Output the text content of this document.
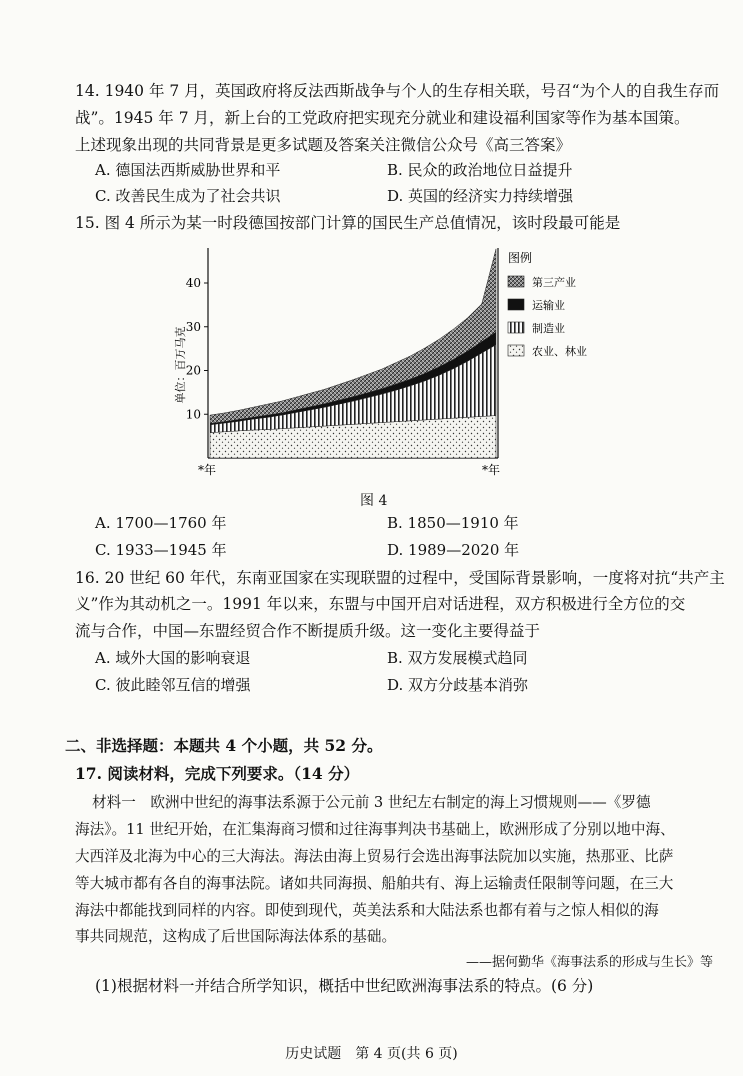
14. 1940 年 7 月，英国政府将反法西斯战争与个人的生存相关联，号召“为个人的自我生存而
战”。1945 年 7 月，新上台的工党政府把实现充分就业和建设福利国家等作为基本国策。
上述现象出现的共同背景是更多试题及答案关注微信公众号《高三答案》
A. 德国法西斯威胁世界和平	B. 民众的政治地位日益提升
C. 改善民生成为了社会共识	D. 英国的经济实力持续增强
15. 图 4 所示为某一时段德国按部门计算的国民生产总值情况，该时段最可能是
10
20
30
40
单位：百万马克
*年	*年
图例
第三产业
运输业
制造业
农业、林业
图 4
A. 1700—1760 年	B. 1850—1910 年
C. 1933—1945 年	D. 1989—2020 年
16. 20 世纪 60 年代，东南亚国家在实现联盟的过程中，受国际背景影响，一度将对抗“共产主
义”作为其动机之一。1991 年以来，东盟与中国开启对话进程，双方积极进行全方位的交
流与合作，中国—东盟经贸合作不断提质升级。这一变化主要得益于
A. 域外大国的影响衰退	B. 双方发展模式趋同
C. 彼此睦邻互信的增强	D. 双方分歧基本消弥
二、非选择题：本题共 4 个小题，共 52 分。
17. 阅读材料，完成下列要求。（14 分）
材料一　欧洲中世纪的海事法系源于公元前 3 世纪左右制定的海上习惯规则——《罗德
海法》。11 世纪开始，在汇集海商习惯和过往海事判决书基础上，欧洲形成了分别以地中海、
大西洋及北海为中心的三大海法。海法由海上贸易行会选出海事法院加以实施，热那亚、比萨
等大城市都有各自的海事法院。诸如共同海损、船舶共有、海上运输责任限制等问题，在三大
海法中都能找到同样的内容。即使到现代，英美法系和大陆法系也都有着与之惊人相似的海
事共同规范，这构成了后世国际海法体系的基础。
——据何勤华《海事法系的形成与生长》等
(1)根据材料一并结合所学知识，概括中世纪欧洲海事法系的特点。(6 分)
历史试题　第 4 页(共 6 页)
